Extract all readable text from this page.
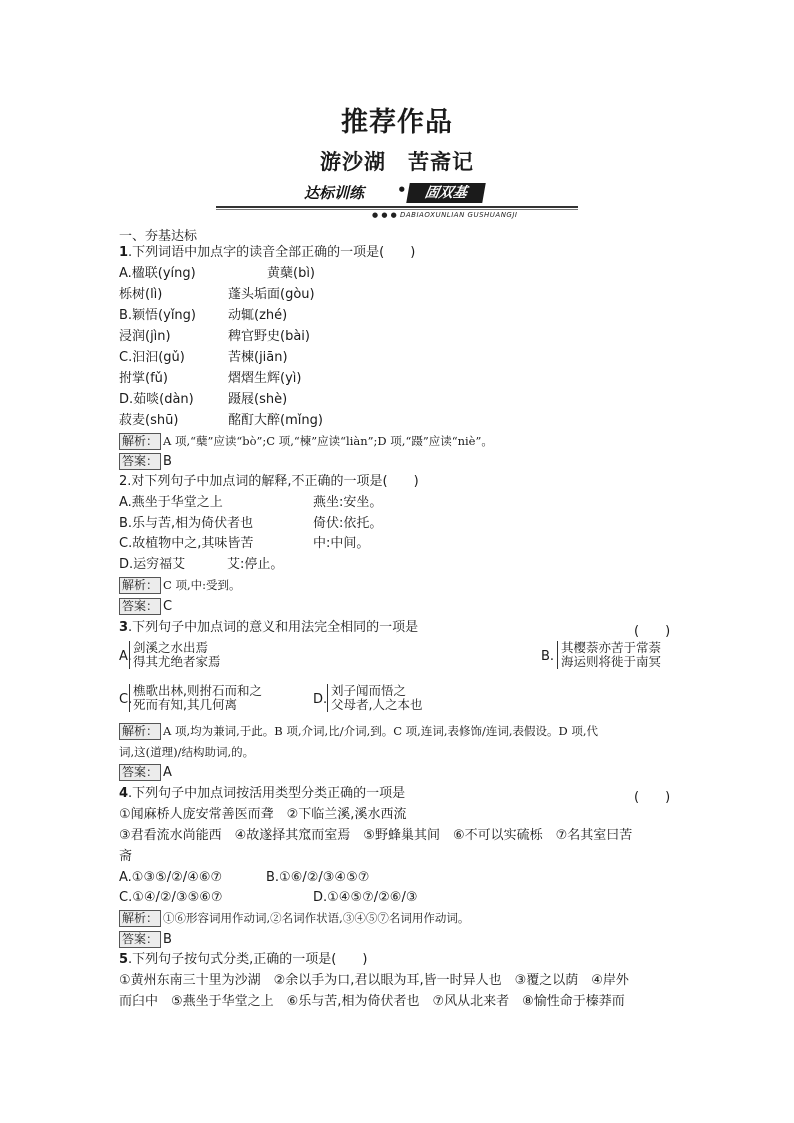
推荐作品
游沙湖　苦斋记
达标训练 •	固双基
● ● ● DABIAOXUNLIAN GUSHUANGJI
一、夯基达标
1.下列词语中加点字的读音全部正确的一项是(　　)
A.楹联(yíng)	黄蘖(bì)
栎树(lì)	蓬头垢面(gòu)
B.颖悟(yǐng) 动辄(zhé)
浸润(jìn)	稗官野史(bài)
C.汩汩(gǔ)	苦楝(jiān)
拊掌(fǔ)	熠熠生辉(yì)
D.茹啖(dàn)	蹑屐(shè)
菽麦(shū)	酩酊大醉(mǐng)
解析： A 项,“蘖”应读“bò”;C 项,“楝”应读“liàn”;D 项,“蹑”应读“niè”。
答案： B
2.对下列句子中加点词的解释,不正确的一项是(　　)
A.燕坐于华堂之上	燕坐:安坐。
B.乐与苦,相为倚伏者也	倚伏:依托。
C.故植物中之,其味皆苦	中:中间。
D.运穷福艾	艾:停止。
解析： C 项,中:受到。
答案： C
3.下列句子中加点词的意义和用法完全相同的一项是	(　　)
A.
剑溪之水出焉
得其尤绝者家焉	B.
其樱萘亦苦于常萘
海运则将徙于南冥
C.
樵歌出林,则拊石而和之
死而有知,其几何离	D.
刘子闻而悟之
父母者,人之本也
解析： A 项,均为兼词,于此。B 项,介词,比/介词,到。C 项,连词,表修饰/连词,表假设。D 项,代
词,这(道理)/结构助词,的。
答案： A
4.下列句子中加点词按活用类型分类正确的一项是	(　　)
①闻麻桥人庞安常善医而聋　②下临兰溪,溪水西流
③君看流水尚能西　④故遂择其窊而室焉　⑤野蜂巢其间　⑥不可以实硫栎　⑦名其室曰苦
斋
A.①③⑤/②/④⑥⑦	B.①⑥/②/③④⑤⑦
C.①④/②/③⑤⑥⑦	D.①④⑤⑦/②⑥/③
解析： ①⑥形容词用作动词,②名词作状语,③④⑤⑦名词用作动词。
答案： B
5.下列句子按句式分类,正确的一项是(　　)
①黄州东南三十里为沙湖　②余以手为口,君以眼为耳,皆一时异人也　③覆之以荫　④岸外
而臼中　⑤燕坐于华堂之上　⑥乐与苦,相为倚伏者也　⑦风从北来者　⑧愉性命于榛莽而
